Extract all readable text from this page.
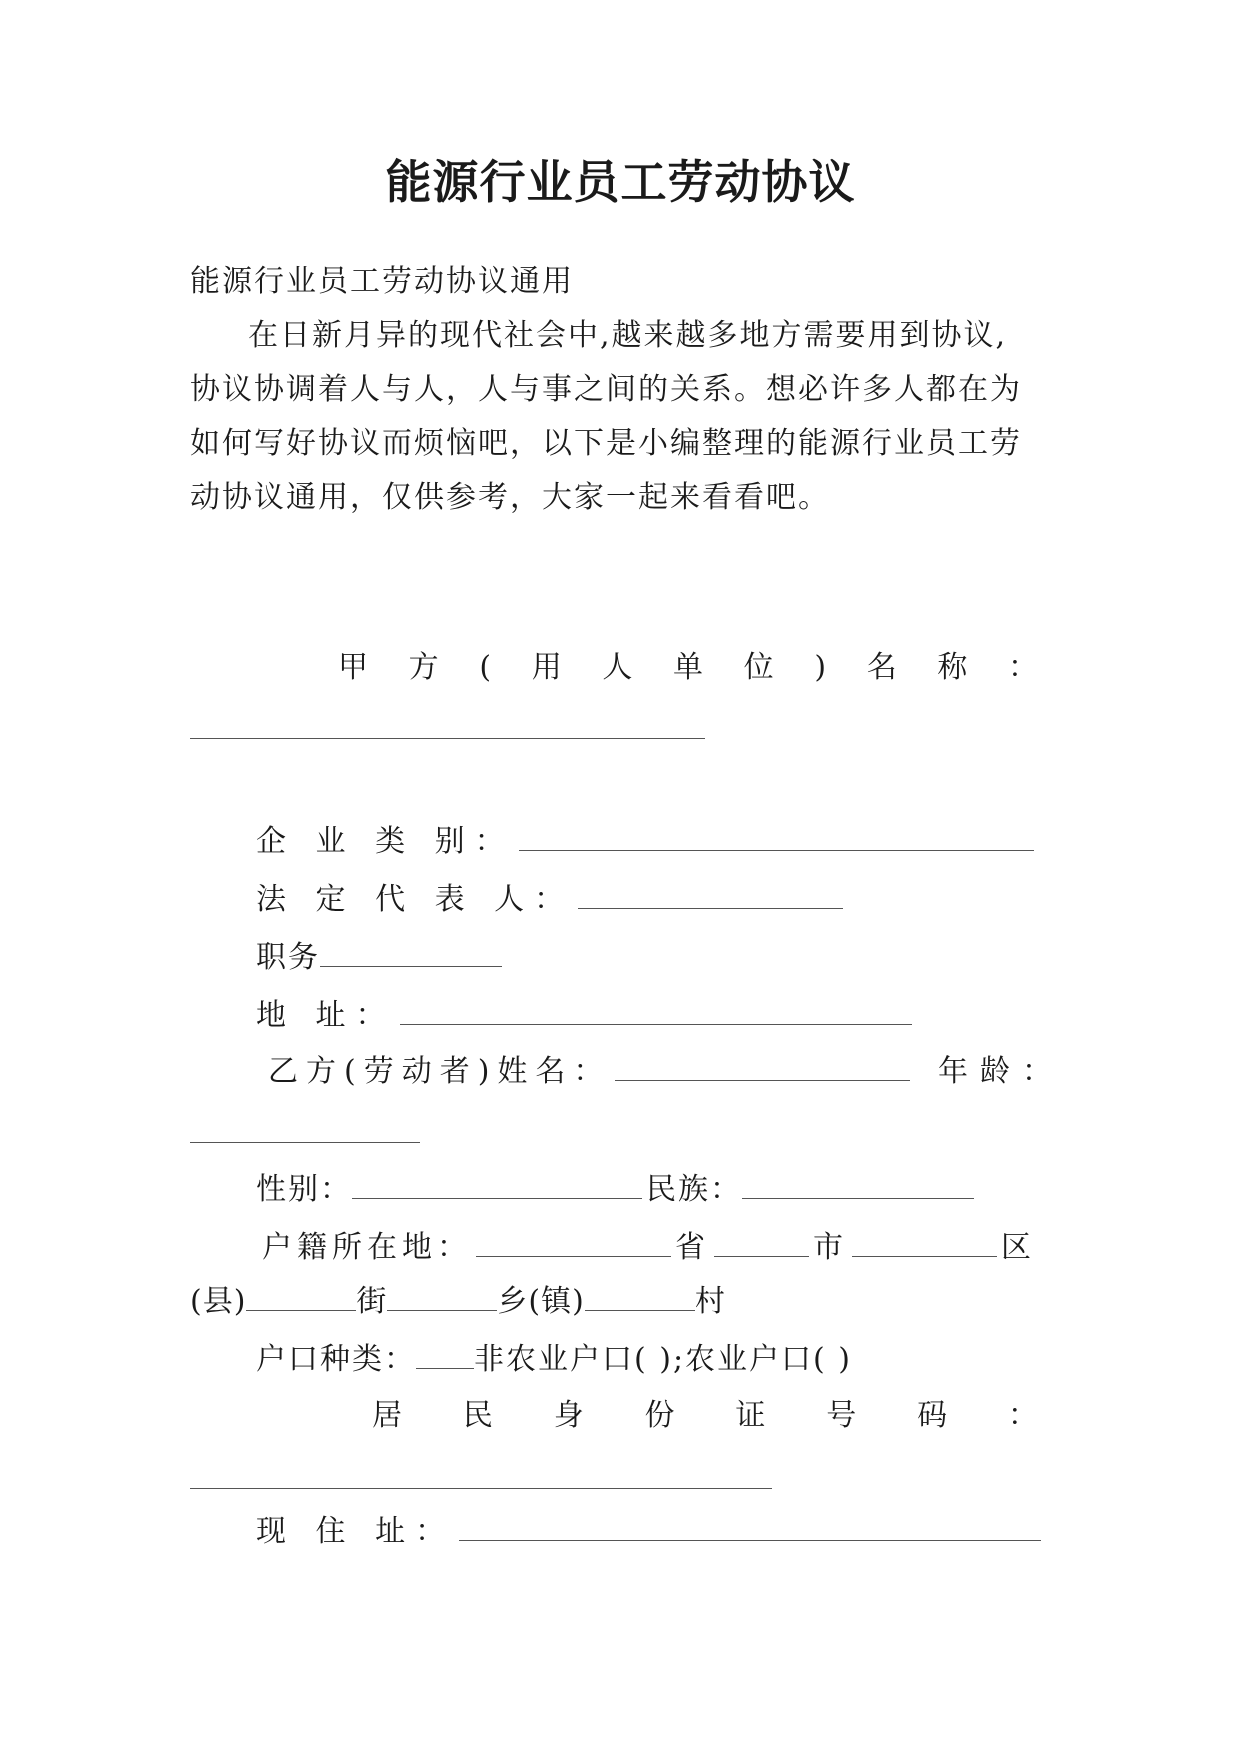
能源行业员工劳动协议
能源行业员工劳动协议通用
在日新月异的现代社会中,越来越多地方需要用到协议,
协议协调着人与人，人与事之间的关系。想必许多人都在为
如何写好协议而烦恼吧，以下是小编整理的能源行业员工劳
动协议通用，仅供参考，大家一起来看看吧。
甲 方 ( 用 人 单 位 ) 名 称 ：
企 业 类 别：
法 定 代 表 人：
职务
地 址：
乙方(劳动者)姓名：	年龄：
性别：	民族：
户籍所在地：	省	市	区
(县)	街	乡(镇)	村
户口种类： 非农业户口( );农业户口( )
居 民 身 份 证 号 码 ：
现 住 址：
